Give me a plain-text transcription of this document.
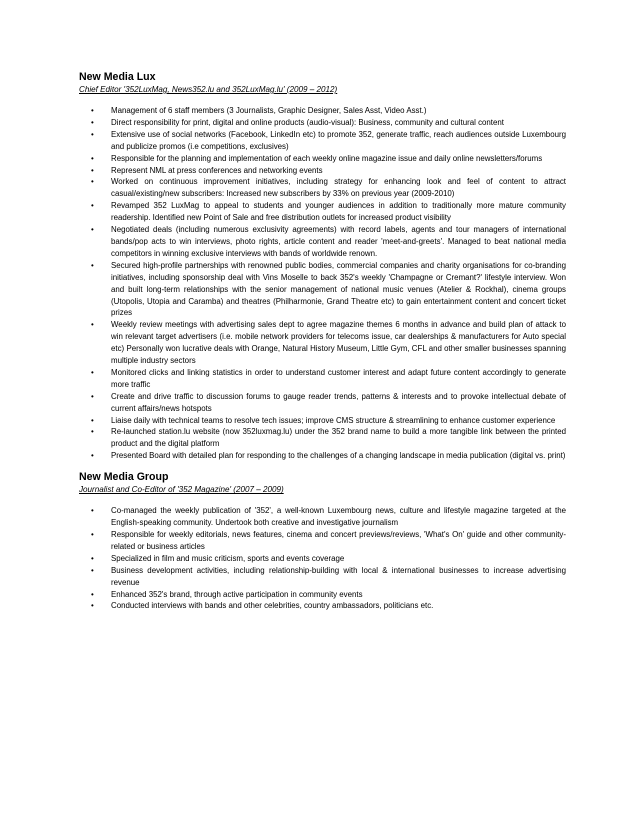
New Media Lux

Chief Editor '352LuxMag, News352.lu and 352LuxMag.lu' (2009 – 2012)

• Management of 6 staff members (3 Journalists, Graphic Designer, Sales Asst, Video Asst.)
• Direct responsibility for print, digital and online products (audio-visual): Business, community and cultural content
• Extensive use of social networks (Facebook, LinkedIn etc) to promote 352, generate traffic, reach audiences outside Luxembourg and publicize promos (i.e competitions, exclusives)
• Responsible for the planning and implementation of each weekly online magazine issue and daily online newsletters/forums
• Represent NML at press conferences and networking events
• Worked on continuous improvement initiatives, including strategy for enhancing look and feel of content to attract casual/existing/new subscribers: Increased new subscribers by 33% on previous year (2009-2010)
• Revamped 352 LuxMag to appeal to students and younger audiences in addition to traditionally more mature community readership. Identified new Point of Sale and free distribution outlets for increased product visibility
• Negotiated deals (including numerous exclusivity agreements) with record labels, agents and tour managers of international bands/pop acts to win interviews, photo rights, article content and reader 'meet-and-greets'. Managed to beat national media competitors in winning exclusive interviews with bands of worldwide renown.
• Secured high-profile partnerships with renowned public bodies, commercial companies and charity organisations for co-branding initiatives, including sponsorship deal with Vins Moselle to back 352's weekly 'Champagne or Cremant?' lifestyle interview. Won and built long-term relationships with the senior management of national music venues (Atelier & Rockhal), cinema groups (Utopolis, Utopia and Caramba) and theatres (Philharmonie, Grand Theatre etc) to gain entertainment content and concert ticket prizes
• Weekly review meetings with advertising sales dept to agree magazine themes 6 months in advance and build plan of attack to win relevant target advertisers (i.e. mobile network providers for telecoms issue, car dealerships & manufacturers for Auto special etc) Personally won lucrative deals with Orange, Natural History Museum, Little Gym, CFL and other smaller businesses spanning multiple industry sectors
• Monitored clicks and linking statistics in order to understand customer interest and adapt future content accordingly to generate more traffic
• Create and drive traffic to discussion forums to gauge reader trends, patterns & interests and to provoke intellectual debate of current affairs/news hotspots
• Liaise daily with technical teams to resolve tech issues; improve CMS structure & streamlining to enhance customer experience
• Re-launched station.lu website (now 352luxmag.lu) under the 352 brand name to build a more tangible link between the printed product and the digital platform
• Presented Board with detailed plan for responding to the challenges of a changing landscape in media publication (digital vs. print)

New Media Group

Journalist and Co-Editor of '352 Magazine' (2007 – 2009)

• Co-managed the weekly publication of '352', a well-known Luxembourg news, culture and lifestyle magazine targeted at the English-speaking community. Undertook both creative and investigative journalism
• Responsible for weekly editorials, news features, cinema and concert previews/reviews, 'What's On' guide and other community-related or business articles
• Specialized in film and music criticism, sports and events coverage
• Business development activities, including relationship-building with local & international businesses to increase advertising revenue
• Enhanced 352's brand, through active participation in community events
• Conducted interviews with bands and other celebrities, country ambassadors, politicians etc.
